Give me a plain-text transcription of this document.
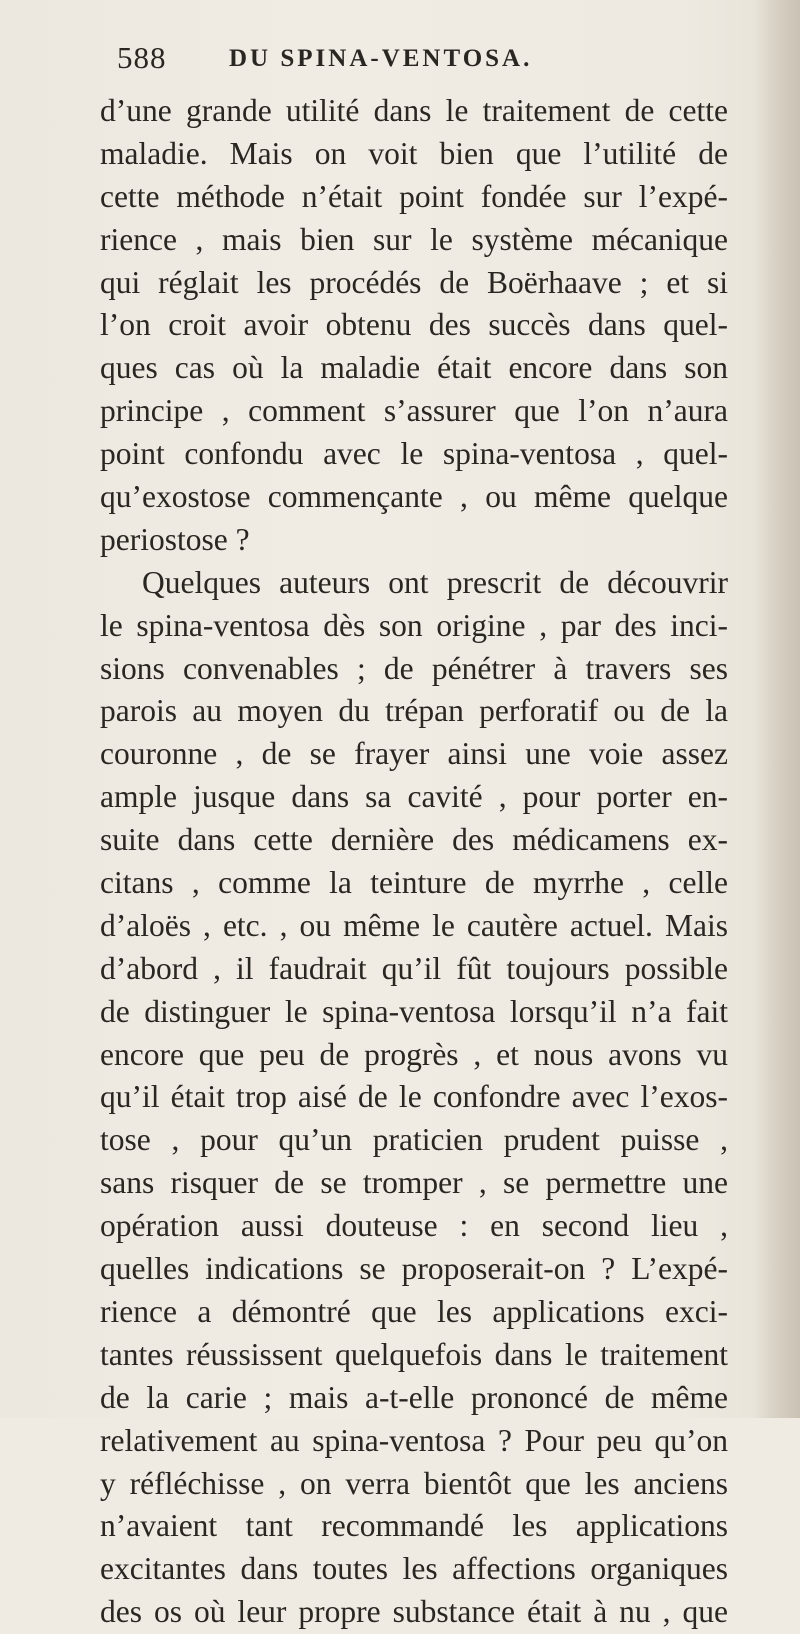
588	DU SPINA-VENTOSA.
d’une grande utilité dans le traitement de cette
maladie. Mais on voit bien que l’utilité de
cette méthode n’était point fondée sur l’expé-
rience , mais bien sur le système mécanique
qui réglait les procédés de Boërhaave ; et si
l’on croit avoir obtenu des succès dans quel-
ques cas où la maladie était encore dans son
principe , comment s’assurer que l’on n’aura
point confondu avec le spina-ventosa , quel-
qu’exostose commençante , ou même quelque
periostose ?
Quelques auteurs ont prescrit de découvrir
le spina-ventosa dès son origine , par des inci-
sions convenables ; de pénétrer à travers ses
parois au moyen du trépan perforatif ou de la
couronne , de se frayer ainsi une voie assez
ample jusque dans sa cavité , pour porter en-
suite dans cette dernière des médicamens ex-
citans , comme la teinture de myrrhe , celle
d’aloës , etc. , ou même le cautère actuel. Mais
d’abord , il faudrait qu’il fût toujours possible
de distinguer le spina-ventosa lorsqu’il n’a fait
encore que peu de progrès , et nous avons vu
qu’il était trop aisé de le confondre avec l’exos-
tose , pour qu’un praticien prudent puisse ,
sans risquer de se tromper , se permettre une
opération aussi douteuse : en second lieu ,
quelles indications se proposerait-on ? L’expé-
rience a démontré que les applications exci-
tantes réussissent quelquefois dans le traitement
de la carie ; mais a-t-elle prononcé de même
relativement au spina-ventosa ? Pour peu qu’on
y réfléchisse , on verra bientôt que les anciens
n’avaient tant recommandé les applications
excitantes dans toutes les affections organiques
des os où leur propre substance était à nu , que
